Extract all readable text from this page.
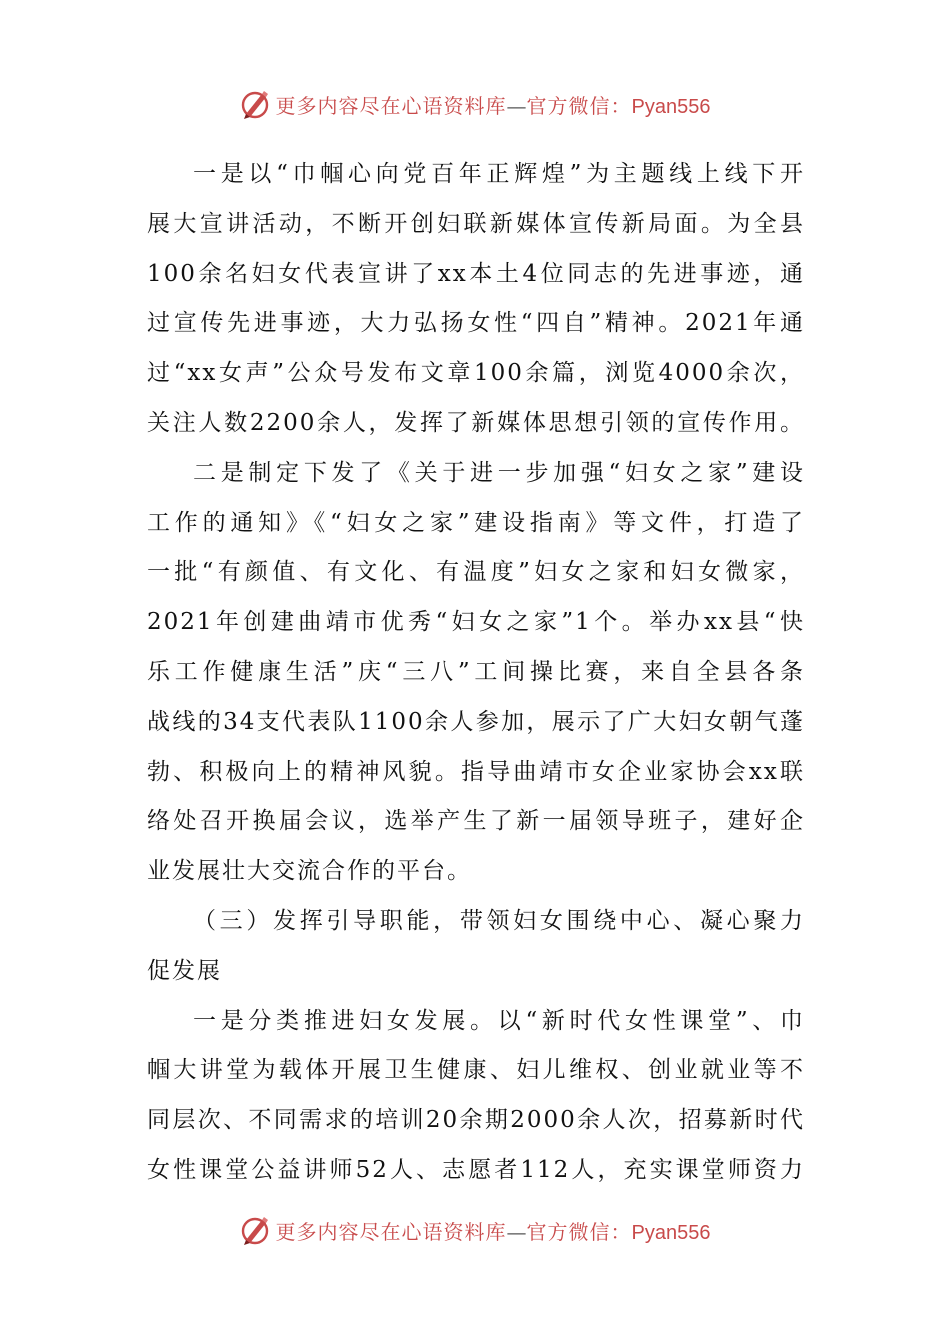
更多内容尽在心语资料库—官方微信：Pyan556
一是以“巾帼心向党百年正辉煌”为主题线上线下开
展大宣讲活动，不断开创妇联新媒体宣传新局面。为全县
100余名妇女代表宣讲了xx本土4位同志的先进事迹，通
过宣传先进事迹，大力弘扬女性“四自”精神。2021年通
过“xx女声”公众号发布文章100余篇，浏览4000余次，
关注人数2200余人，发挥了新媒体思想引领的宣传作用。
二是制定下发了《关于进一步加强“妇女之家”建设
工作的通知》《“妇女之家”建设指南》等文件，打造了
一批“有颜值、有文化、有温度”妇女之家和妇女微家，
2021年创建曲靖市优秀“妇女之家”1个。举办xx县“快
乐工作健康生活”庆“三八”工间操比赛，来自全县各条
战线的34支代表队1100余人参加，展示了广大妇女朝气蓬
勃、积极向上的精神风貌。指导曲靖市女企业家协会xx联
络处召开换届会议，选举产生了新一届领导班子，建好企
业发展壮大交流合作的平台。
（三）发挥引导职能，带领妇女围绕中心、凝心聚力
促发展
一是分类推进妇女发展。以“新时代女性课堂”、巾
帼大讲堂为载体开展卫生健康、妇儿维权、创业就业等不
同层次、不同需求的培训20余期2000余人次，招募新时代
女性课堂公益讲师52人、志愿者112人，充实课堂师资力
更多内容尽在心语资料库—官方微信：Pyan556
